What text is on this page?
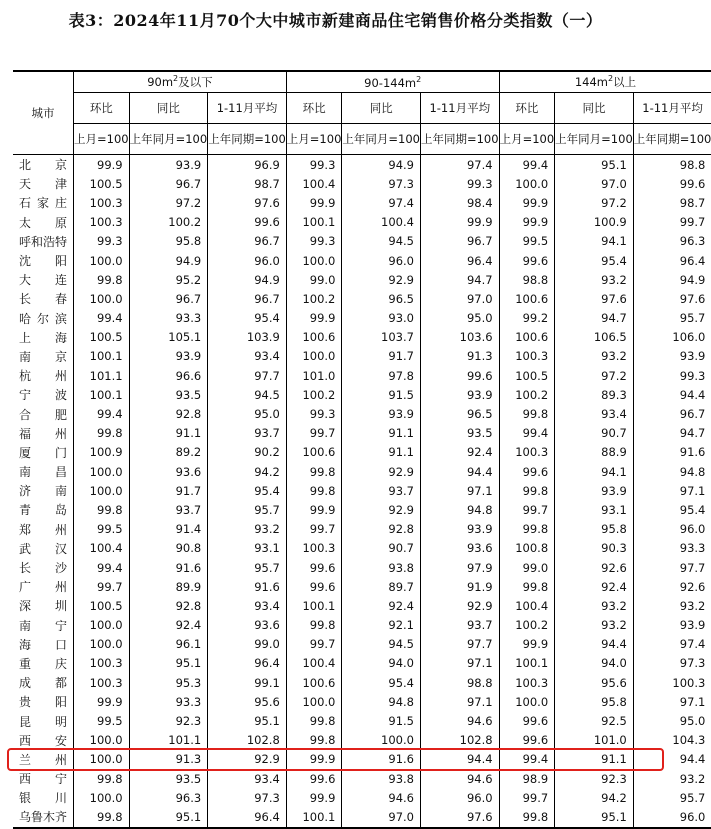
表3：2024年11月70个大中城市新建商品住宅销售价格分类指数（一）
城市	$90m^2$及以下			$90-144m^2$			$144m^2$以上		
	环比	同比	1-11月平均	环比	同比	1-11月平均	环比	同比	1-11月平均
	上月=100	上年同月=100	上年同期=100	上月=100	上年同月=100	上年同期=100	上月=100	上年同月=100	上年同期=100
北京	99.9	93.9	96.9	99.3	94.9	97.4	99.4	95.1	98.8
天津	100.5	96.7	98.7	100.4	97.3	99.3	100.0	97.0	99.6
石家庄	100.3	97.2	97.6	99.9	97.4	98.4	99.9	97.2	98.7
太原	100.3	100.2	99.6	100.1	100.4	99.9	99.9	100.9	99.7
呼和浩特	99.3	95.8	96.7	99.3	94.5	96.7	99.5	94.1	96.3
沈阳	100.0	94.9	96.0	100.0	96.0	96.4	99.6	95.4	96.4
大连	99.8	95.2	94.9	99.0	92.9	94.7	98.8	93.2	94.9
长春	100.0	96.7	96.7	100.2	96.5	97.0	100.6	97.6	97.6
哈尔滨	99.4	93.3	95.4	99.9	93.0	95.0	99.2	94.7	95.7
上海	100.5	105.1	103.9	100.6	103.7	103.6	100.6	106.5	106.0
南京	100.1	93.9	93.4	100.0	91.7	91.3	100.3	93.2	93.9
杭州	101.1	96.6	97.7	101.0	97.8	99.6	100.5	97.2	99.3
宁波	100.1	93.5	94.5	100.2	91.5	93.9	100.2	89.3	94.4
合肥	99.4	92.8	95.0	99.3	93.9	96.5	99.8	93.4	96.7
福州	99.8	91.1	93.7	99.7	91.1	93.5	99.4	90.7	94.7
厦门	100.9	89.2	90.2	100.6	91.1	92.4	100.3	88.9	91.6
南昌	100.0	93.6	94.2	99.8	92.9	94.4	99.6	94.1	94.8
济南	100.0	91.7	95.4	99.8	93.7	97.1	99.8	93.9	97.1
青岛	99.8	93.7	95.7	99.9	92.9	94.8	99.7	93.1	95.4
郑州	99.5	91.4	93.2	99.7	92.8	93.9	99.8	95.8	96.0
武汉	100.4	90.8	93.1	100.3	90.7	93.6	100.8	90.3	93.3
长沙	99.4	91.6	95.7	99.6	93.8	97.9	99.0	92.6	97.7
广州	99.7	89.9	91.6	99.6	89.7	91.9	99.8	92.4	92.6
深圳	100.5	92.8	93.4	100.1	92.4	92.9	100.4	93.2	93.2
南宁	100.0	92.4	93.6	99.8	92.1	93.7	100.2	93.2	93.9
海口	100.0	96.1	99.0	99.7	94.5	97.7	99.9	94.4	97.4
重庆	100.3	95.1	96.4	100.4	94.0	97.1	100.1	94.0	97.3
成都	100.3	95.3	99.1	100.6	95.4	98.8	100.3	95.6	100.3
贵阳	99.9	93.3	95.6	100.0	94.8	97.1	100.0	95.8	97.1
昆明	99.5	92.3	95.1	99.8	91.5	94.6	99.6	92.5	95.0
西安	100.0	101.1	102.8	99.8	100.0	102.8	99.6	101.0	104.3
兰州	100.0	91.3	92.9	99.9	91.6	94.4	99.4	91.1	94.4
西宁	99.8	93.5	93.4	99.6	93.8	94.6	98.9	92.3	93.2
银川	100.0	96.3	97.3	99.9	94.6	96.0	99.7	94.2	95.7
乌鲁木齐	99.8	95.1	96.4	100.1	97.0	97.6	99.8	95.1	96.0
